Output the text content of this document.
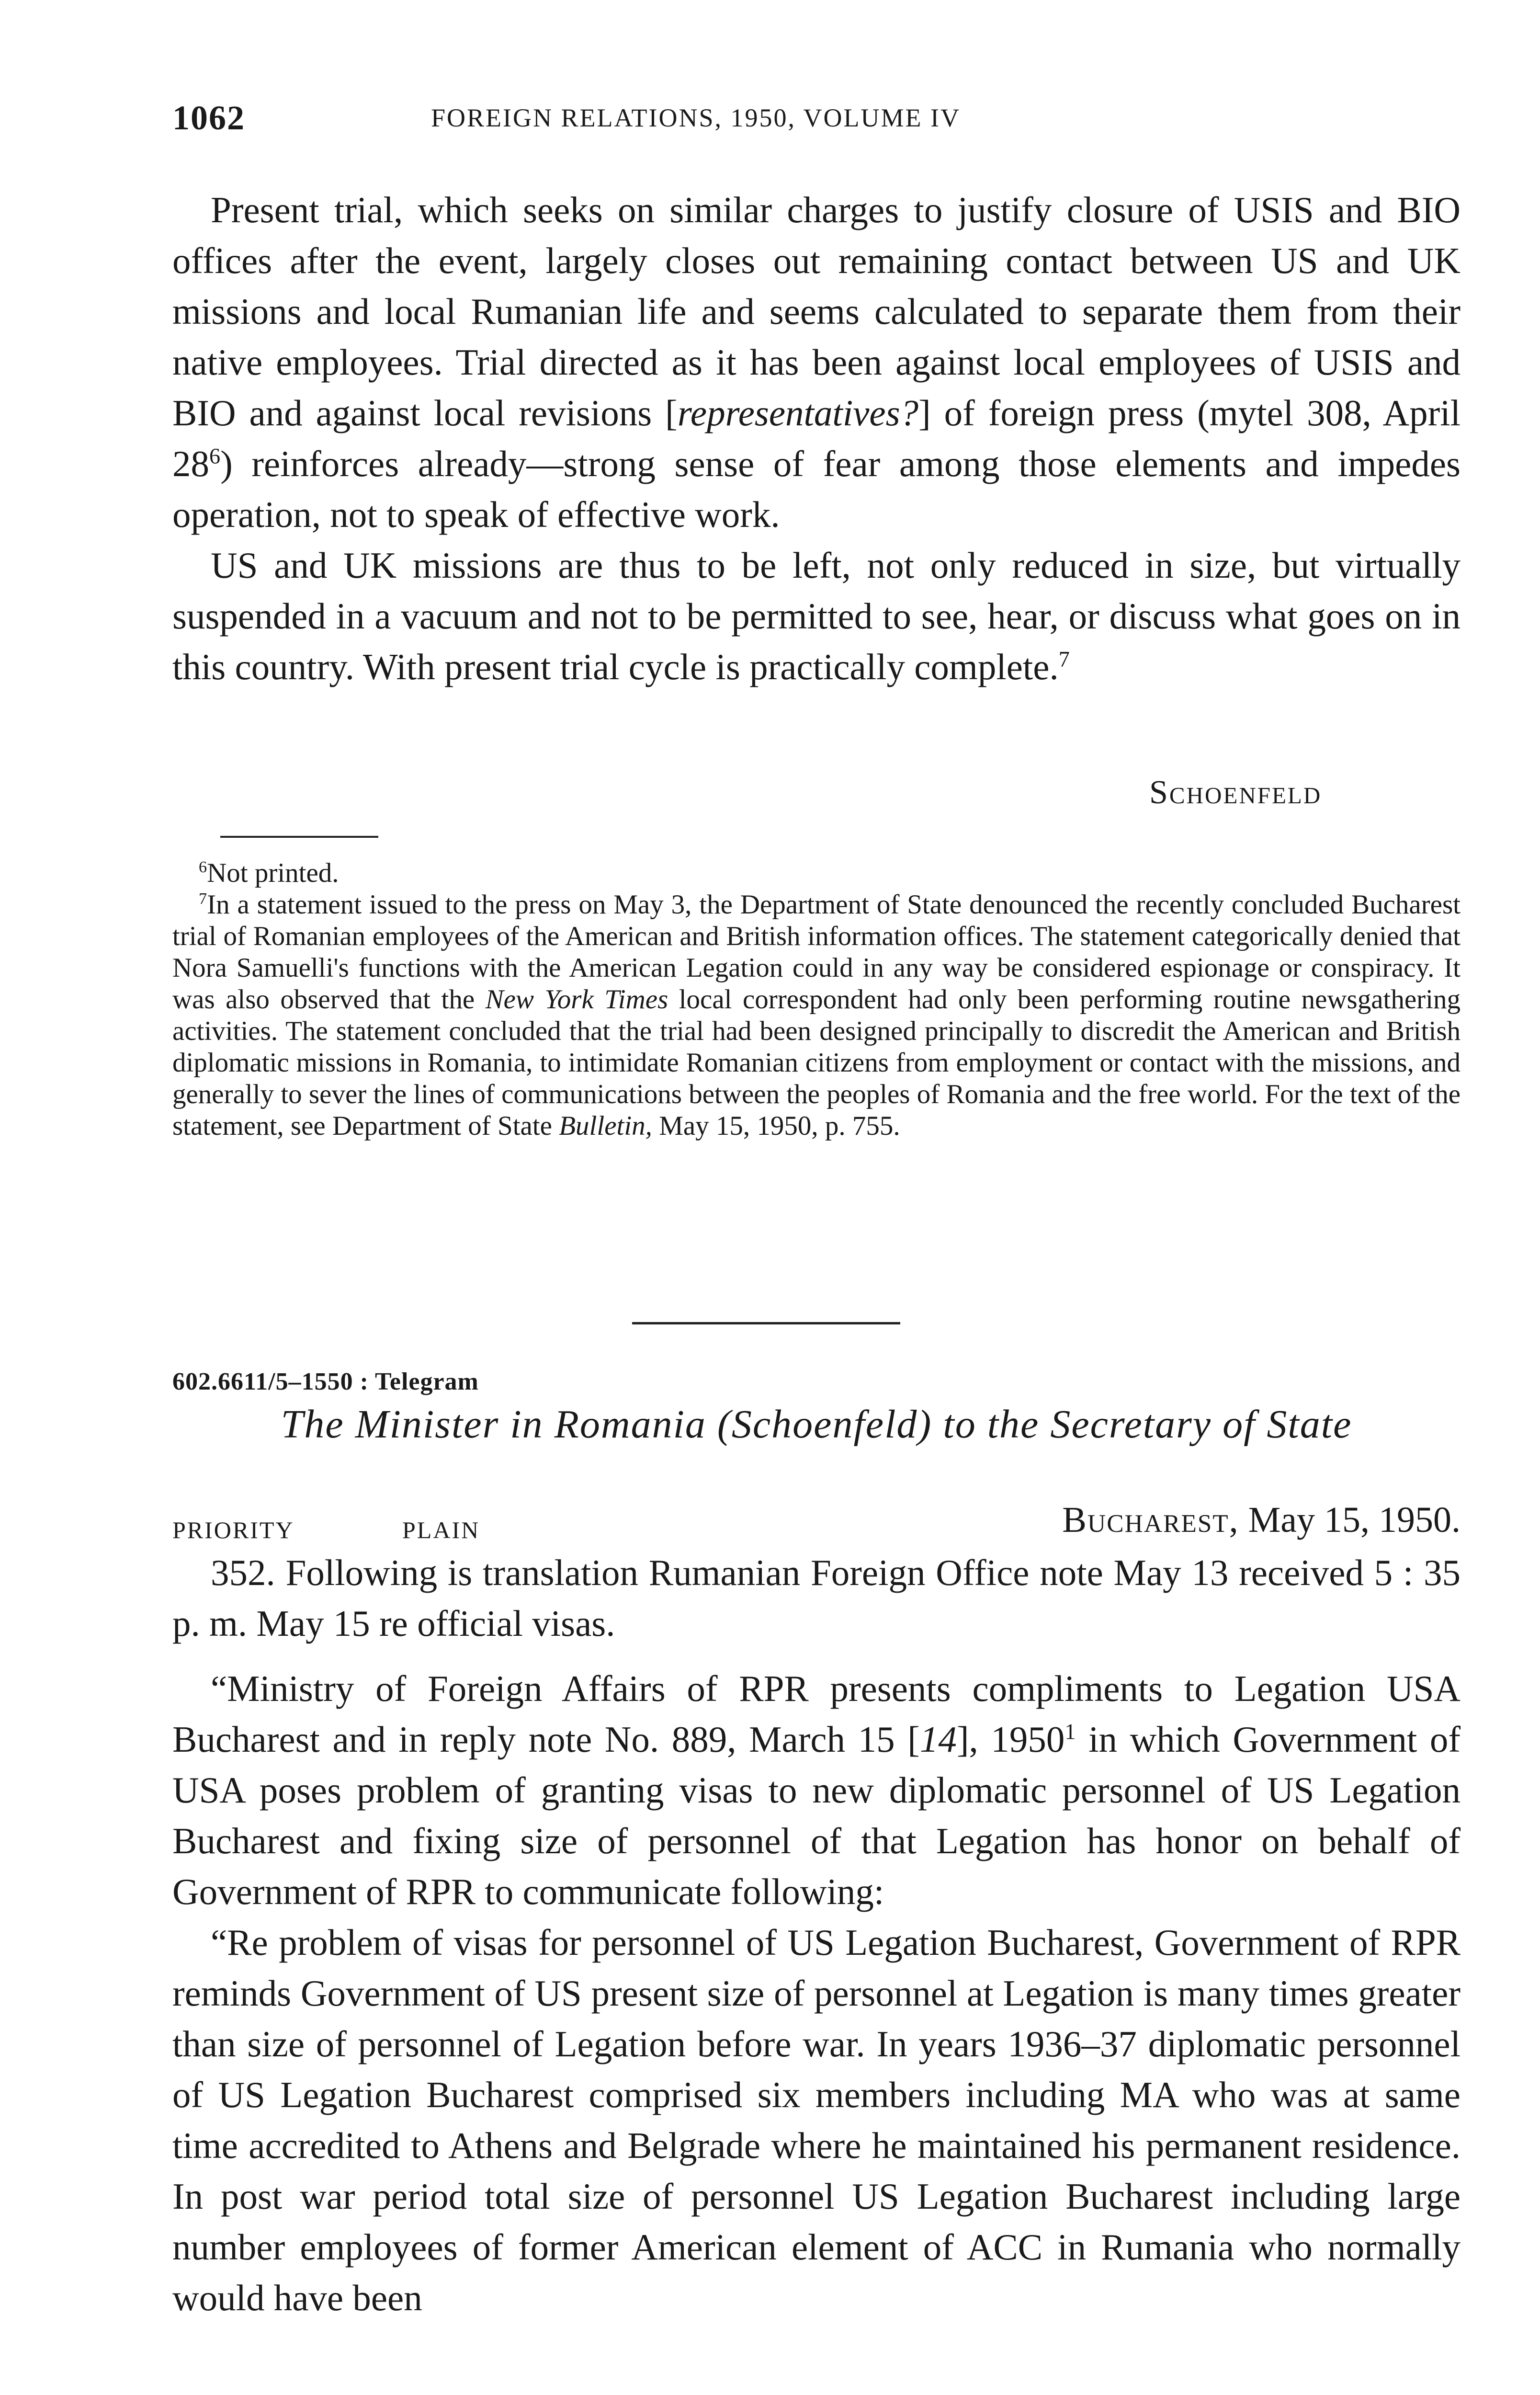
1062	FOREIGN RELATIONS, 1950, VOLUME IV

Present trial, which seeks on similar charges to justify closure of USIS and BIO offices after the event, largely closes out remaining contact between US and UK missions and local Rumanian life and seems calculated to separate them from their native employees. Trial directed as it has been against local employees of USIS and BIO and against local revisions [representatives?] of foreign press (mytel 308, April $28^6$) reinforces already—strong sense of fear among those elements and impedes operation, not to speak of effective work.

US and UK missions are thus to be left, not only reduced in size, but virtually suspended in a vacuum and not to be permitted to see, hear, or discuss what goes on in this country. With present trial cycle is practically complete.$^7$

Schoenfeld

$^6$Not printed.

$^7$In a statement issued to the press on May 3, the Department of State denounced the recently concluded Bucharest trial of Romanian employees of the American and British information offices. The statement categorically denied that Nora Samuelli's functions with the American Legation could in any way be considered espionage or conspiracy. It was also observed that the New York Times local correspondent had only been performing routine newsgathering activities. The statement concluded that the trial had been designed principally to discredit the American and British diplomatic missions in Romania, to intimidate Romanian citizens from employment or contact with the missions, and generally to sever the lines of communications between the peoples of Romania and the free world. For the text of the statement, see Department of State Bulletin, May 15, 1950, p. 755.

602.6611/5–1550 : Telegram
The Minister in Romania (Schoenfeld) to the Secretary of State
PRIORITY	PLAIN	Bucharest, May 15, 1950.

352. Following is translation Rumanian Foreign Office note May 13 received 5 : 35 p. m. May 15 re official visas.

“Ministry of Foreign Affairs of RPR presents compliments to Legation USA Bucharest and in reply note No. 889, March 15 [14], 1950$^1$ in which Government of USA poses problem of granting visas to new diplomatic personnel of US Legation Bucharest and fixing size of personnel of that Legation has honor on behalf of Government of RPR to communicate following:

“Re problem of visas for personnel of US Legation Bucharest, Government of RPR reminds Government of US present size of personnel at Legation is many times greater than size of personnel of Legation before war. In years 1936–37 diplomatic personnel of US Legation Bucharest comprised six members including MA who was at same time accredited to Athens and Belgrade where he maintained his permanent residence. In post war period total size of personnel US Legation Bucharest including large number employees of former American element of ACC in Rumania who normally would have been
